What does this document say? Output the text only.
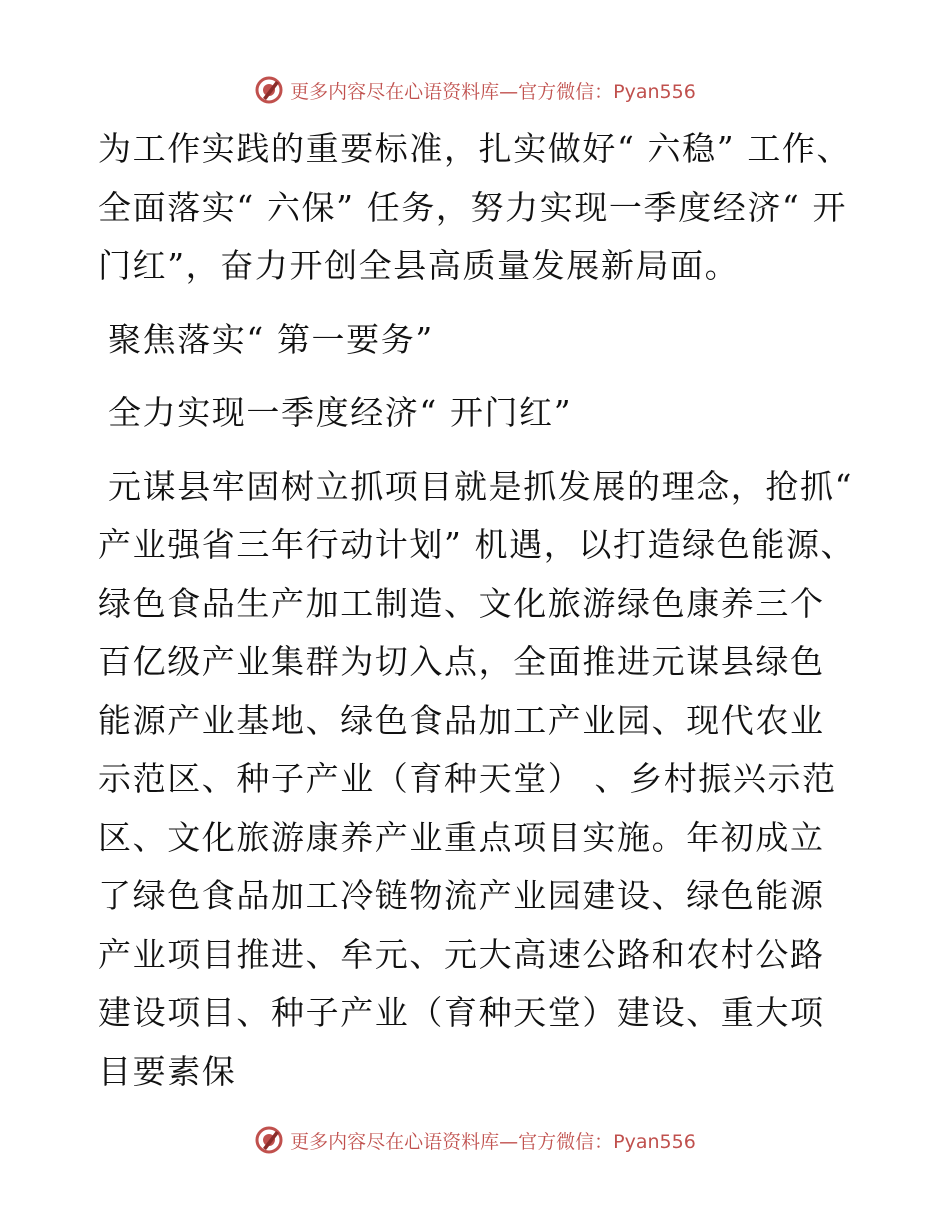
更多内容尽在心语资料库—官方微信：Pyan556

为工作实践的重要标准，扎实做好“ 六稳” 工作、全面落实“ 六保” 任务，努力实现一季度经济“ 开门红”，奋力开创全县高质量发展新局面。

聚焦落实“ 第一要务”

全力实现一季度经济“ 开门红”

元谋县牢固树立抓项目就是抓发展的理念，抢抓“ 产业强省三年行动计划” 机遇，以打造绿色能源、绿色食品生产加工制造、文化旅游绿色康养三个百亿级产业集群为切入点，全面推进元谋县绿色能源产业基地、绿色食品加工产业园、现代农业示范区、种子产业（育种天堂） 、乡村振兴示范区、文化旅游康养产业重点项目实施。年初成立了绿色食品加工冷链物流产业园建设、绿色能源产业项目推进、牟元、元大高速公路和农村公路建设项目、种子产业（育种天堂）建设、重大项目要素保

更多内容尽在心语资料库—官方微信：Pyan556
